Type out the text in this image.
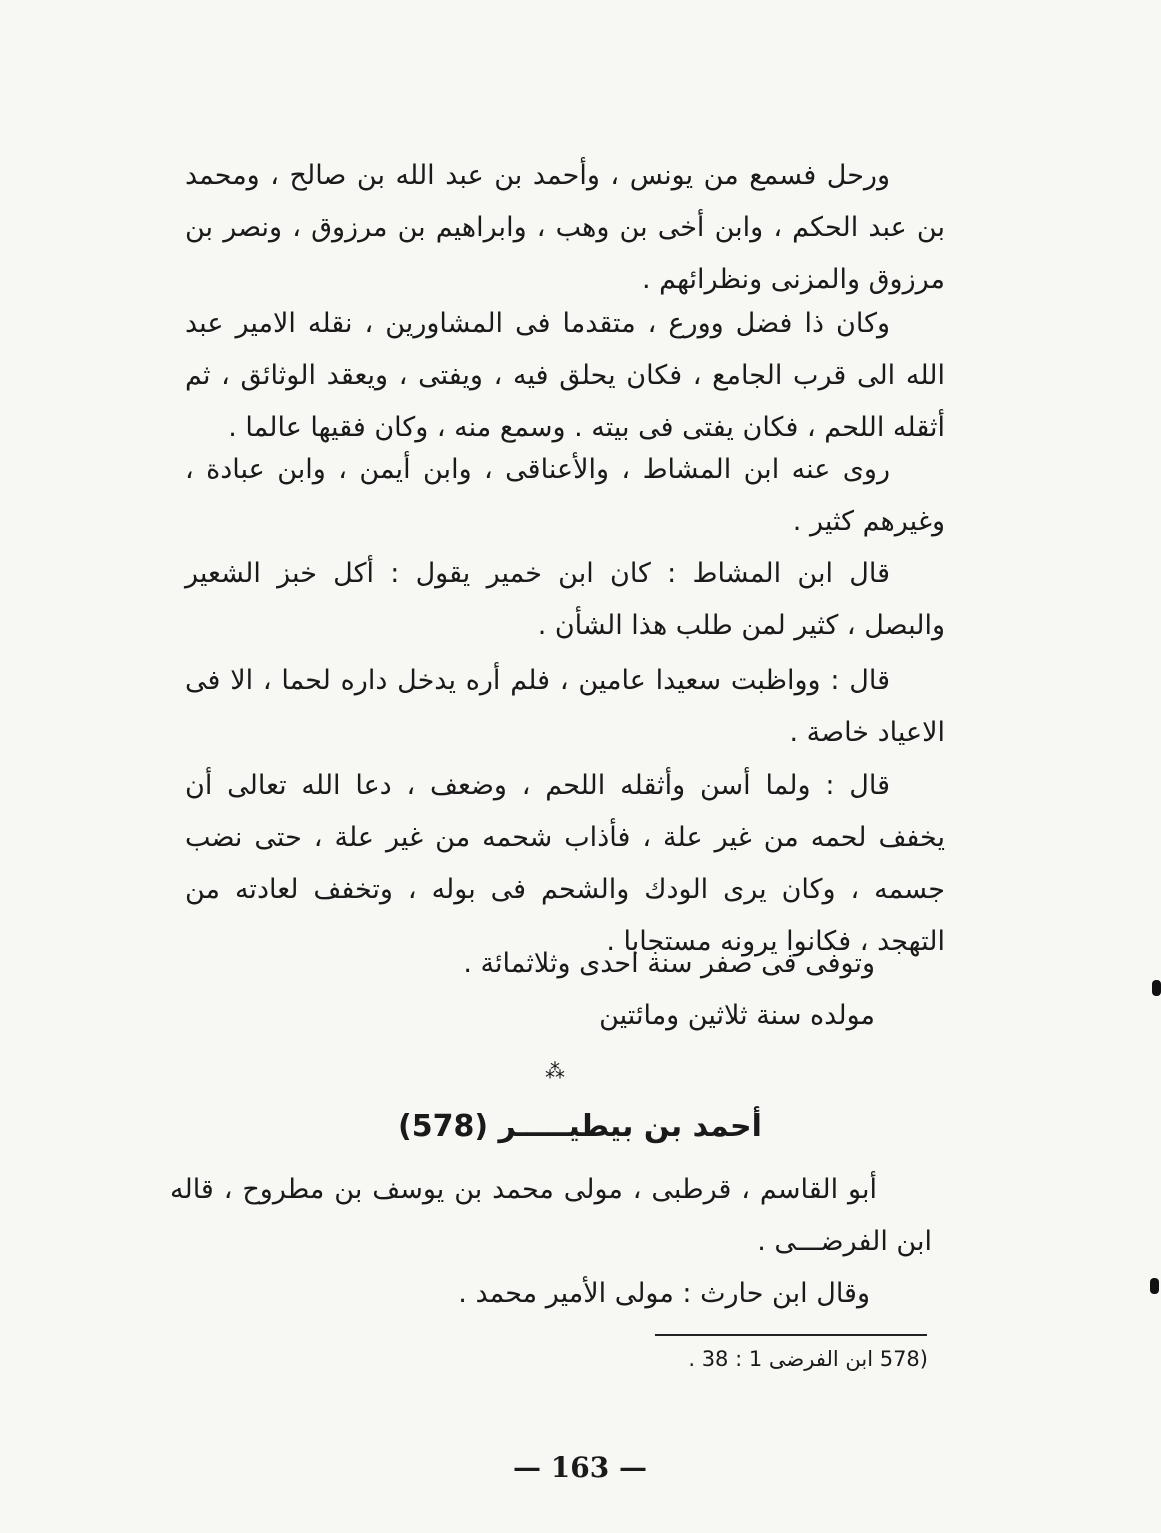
ورحل فسمع من يونس ، وأحمد بن عبد الله بن صالح ، ومحمد بن عبد الحكم ، وابن أخى بن وهب ، وابراهيم بن مرزوق ، ونصر بن مرزوق والمزنى ونظرائهم .
وكان ذا فضل وورع ، متقدما فى المشاورين ، نقله الامير عبد الله الى قرب الجامع ، فكان يحلق فيه ، ويفتى ، ويعقد الوثائق ، ثم أثقله اللحم ، فكان يفتى فى بيته . وسمع منه ، وكان فقيها عالما .
روى عنه ابن المشاط ، والأعناقى ، وابن أيمن ، وابن عبادة ، وغيرهم كثير .
قال ابن المشاط : كان ابن خمير يقول : أكل خبز الشعير والبصل ، كثير لمن طلب هذا الشأن .
قال : وواظبت سعيدا عامين ، فلم أره يدخل داره لحما ، الا فى الاعياد خاصة .
قال : ولما أسن وأثقله اللحم ، وضعف ، دعا الله تعالى أن يخفف لحمه من غير علة ، فأذاب شحمه من غير علة ، حتى نضب جسمه ، وكان يرى الودك والشحم فى بوله ، وتخفف لعادته من التهجد ، فكانوا يرونه مستجابا .
وتوفى فى صفر سنة احدى وثلاثمائة .
مولده سنة ثلاثين ومائتين
⁂
أحمد بن بيطيـــــر (578)
أبو القاسم ، قرطبى ، مولى محمد بن يوسف بن مطروح ، قاله ابن الفرضـــى .
وقال ابن حارث : مولى الأمير محمد .
(578 ابن الفرضى 1 : 38 .
— 163 —
